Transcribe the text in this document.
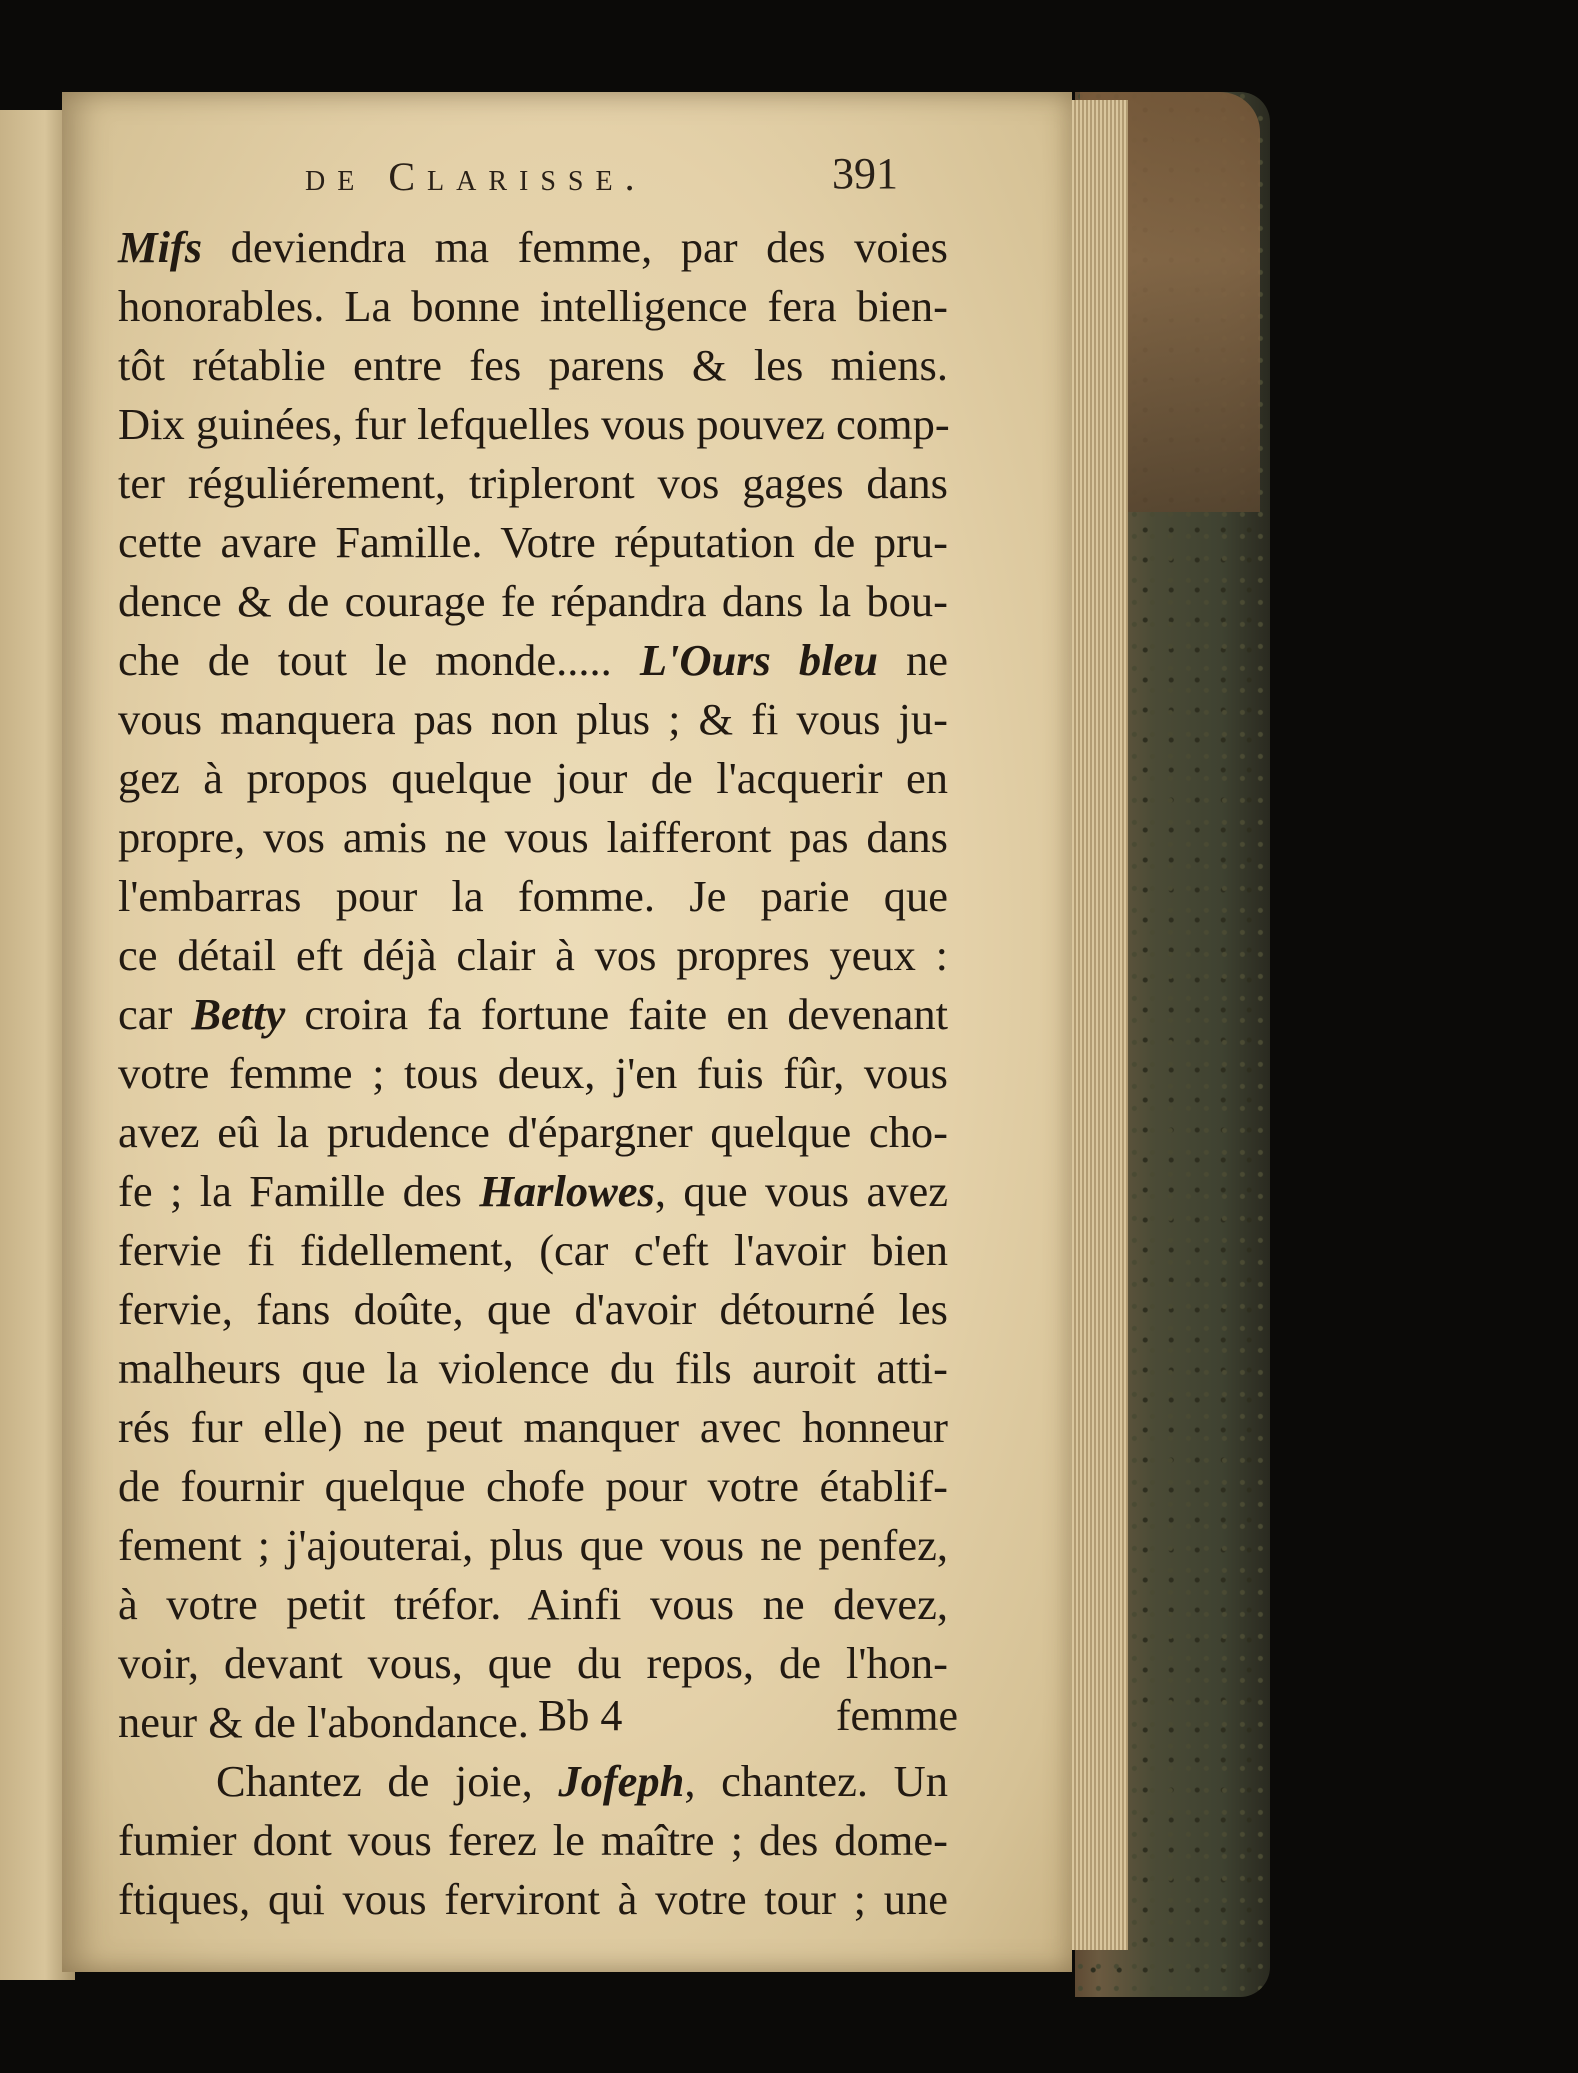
de Clarisse.	391
Mifs deviendra ma femme, par des voies
honorables. La bonne intelligence fera bien-
tôt rétablie entre fes parens & les miens.
Dix guinées, fur lefquelles vous pouvez comp-
ter réguliérement, tripleront vos gages dans
cette avare Famille. Votre réputation de pru-
dence & de courage fe répandra dans la bou-
che de tout le monde..... L'Ours bleu ne
vous manquera pas non plus ; & fi vous ju-
gez à propos quelque jour de l'acquerir en
propre, vos amis ne vous laifferont pas dans
l'embarras pour la fomme. Je parie que
ce détail eft déjà clair à vos propres yeux :
car Betty croira fa fortune faite en devenant
votre femme ; tous deux, j'en fuis fûr, vous
avez eû la prudence d'épargner quelque cho-
fe ; la Famille des Harlowes, que vous avez
fervie fi fidellement, (car c'eft l'avoir bien
fervie, fans doûte, que d'avoir détourné les
malheurs que la violence du fils auroit atti-
rés fur elle) ne peut manquer avec honneur
de fournir quelque chofe pour votre établif-
fement ; j'ajouterai, plus que vous ne penfez,
à votre petit tréfor. Ainfi vous ne devez,
voir, devant vous, que du repos, de l'hon-
neur & de l'abondance.
Chantez de joie, Jofeph, chantez. Un
fumier dont vous ferez le maître ; des dome-
ftiques, qui vous ferviront à votre tour ; une
Bb 4	femme
